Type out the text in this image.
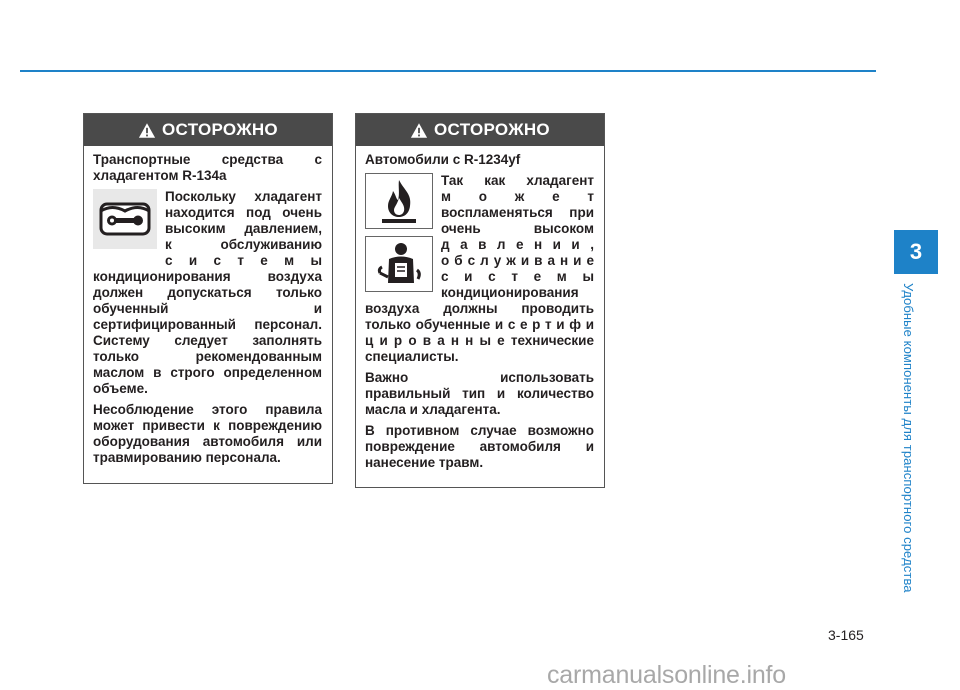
3
Удобные компоненты для транспортного средства
ОСТОРОЖНО

Транспортные средства с хладагентом R-134a

Поскольку хладагент
находится под очень
высоким давлением,
к обслуживанию
с и с т е м ы

кондиционирования воздуха должен допускаться только обученный и сертифицированный персонал. Систему следует заполнять только рекомендованным маслом в строго определенном объеме.

Несоблюдение этого правила может привести к повреждению оборудования автомобиля или травмированию персонала.

ОСТОРОЖНО

Автомобили с R-1234yf

Так как хладагент
м о ж е т
воспламеняться при
очень высоком
д а в л е н и и ,
о б с л у ж и в а н и е
с и с т е м ы
кондиционирования

воздуха должны проводить только обученные и с е р т и ф и ц и р о в а н н ы е технические специалисты.

Важно использовать правильный тип и количество масла и хладагента.

В противном случае возможно повреждение автомобиля и нанесение травм.

3-165
carmanualsonline.info
